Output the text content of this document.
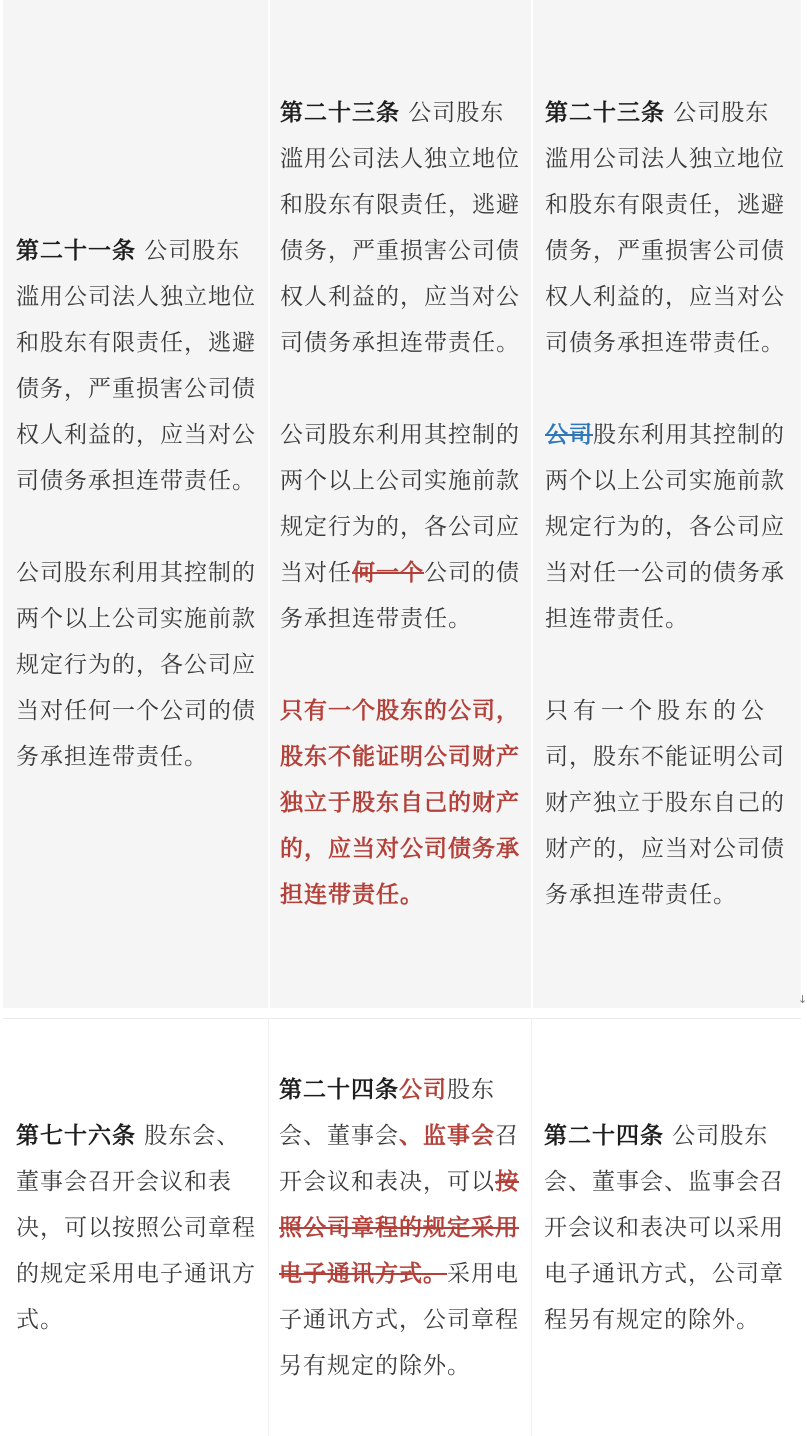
第二十一条 公司股东滥用公司法人独立地位和股东有限责任，逃避债务，严重损害公司债权人利益的，应当对公司债务承担连带责任。

公司股东利用其控制的两个以上公司实施前款规定行为的，各公司应当对任何一个公司的债务承担连带责任。

第二十三条 公司股东滥用公司法人独立地位和股东有限责任，逃避债务，严重损害公司债权人利益的，应当对公司债务承担连带责任。

公司股东利用其控制的两个以上公司实施前款规定行为的，各公司应当对任何一个公司的债务承担连带责任。

只有一个股东的公司，股东不能证明公司财产独立于股东自己的财产的，应当对公司债务承担连带责任。

第二十三条 公司股东滥用公司法人独立地位和股东有限责任，逃避债务，严重损害公司债权人利益的，应当对公司债务承担连带责任。

公司股东利用其控制的两个以上公司实施前款规定行为的，各公司应当对任一公司的债务承担连带责任。

只有一个股东的公司，股东不能证明公司财产独立于股东自己的财产的，应当对公司债务承担连带责任。

↓

第七十六条 股东会、董事会召开会议和表决，可以按照公司章程的规定采用电子通讯方式。

第二十四条公司股东会、董事会、监事会召开会议和表决，可以按照公司章程的规定采用电子通讯方式。采用电子通讯方式，公司章程另有规定的除外。

第二十四条 公司股东会、董事会、监事会召开会议和表决可以采用电子通讯方式，公司章程另有规定的除外。
